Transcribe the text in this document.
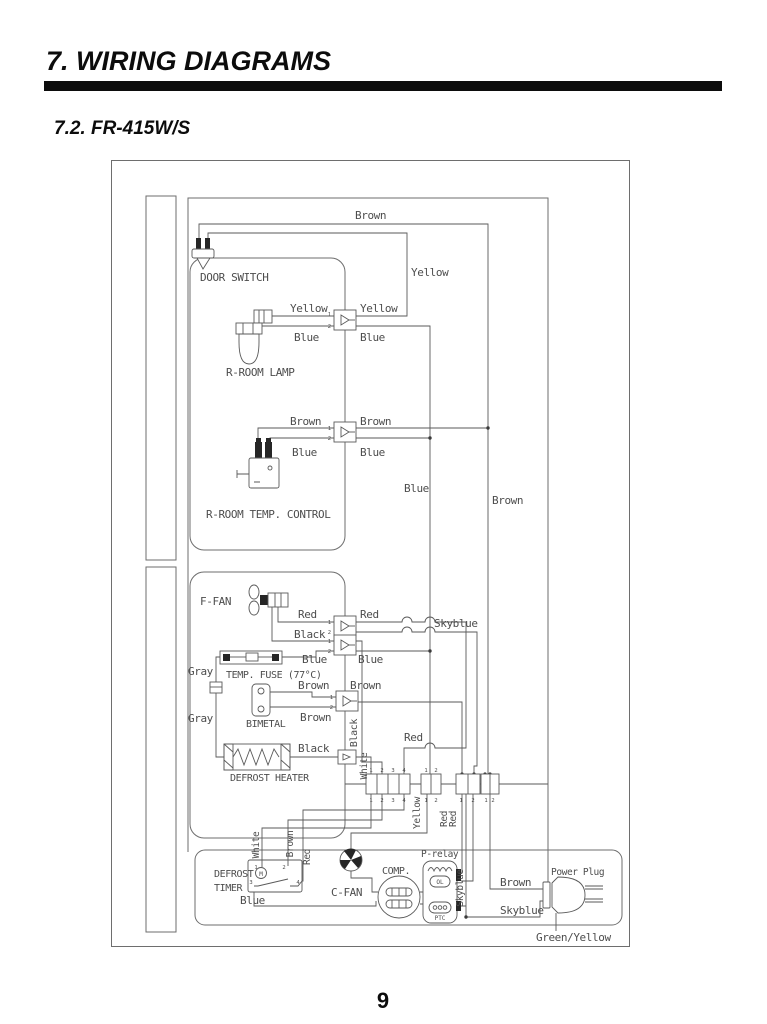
7. WIRING DIAGRAMS
7.2. FR-415W/S
DOOR SWITCH
R-ROOM LAMP
R-ROOM TEMP. CONTROL
F-FAN
TEMP. FUSE (77°C)
BIMETAL
DEFROST HEATER
DEFROST
TIMER	C-FAN
COMP.
P-relay
OL
PTC
M	Power Plug
Brown
Yellow
Yellow	Yellow
Blue	Blue
Brown	Brown
Blue	Blue
Blue
Brown
Red	Red
Black
Blue	Blue
Skyblue
Gray
Gray
Brown Brown
Brown
Black
Red
Black
White
White Brown Red
Blue
Yellow Red
Red
Skyblue	Brown
Skyblue
Green/Yellow
1
2
1
2
1
2
1
2
1
2
1 2 3 4
1 2 3 4
1 2
1 2	1 2 1 2
1	2
3	4
9
